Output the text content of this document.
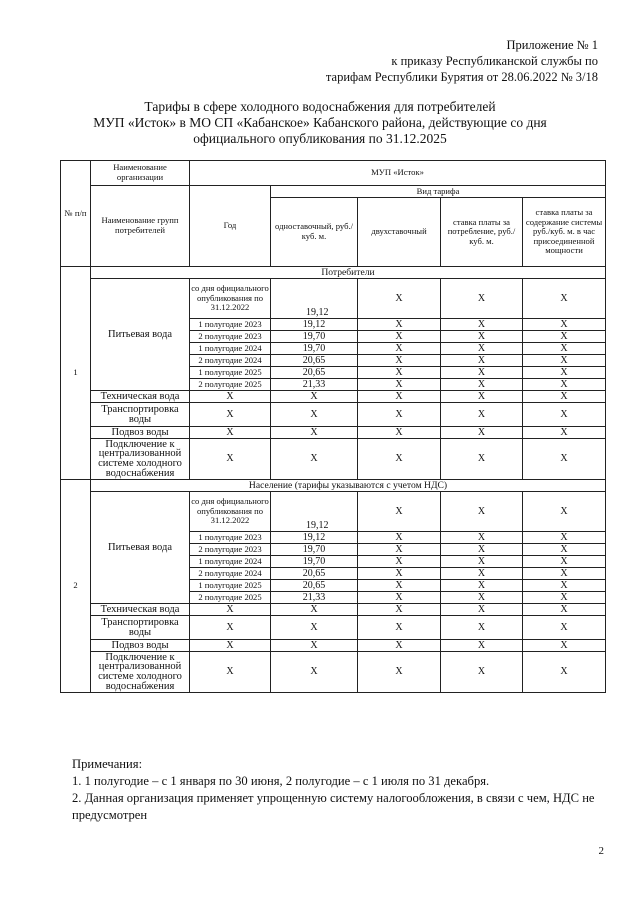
Приложение № 1
к приказу Республиканской службы по
тарифам Республики Бурятия от 28.06.2022 № 3/18
Тарифы в сфере холодного водоснабжения для потребителей
МУП «Исток» в МО СП «Кабанское» Кабанского района, действующие со дня
официального опубликования по 31.12.2025
№ п/п	Наименование организации	МУП «Исток»				
	Наименование групп потребителей	Год	Вид тарифа			
			одноставочный, руб./ куб. м.	двухставочный	ставка платы за потребление, руб./ куб. м.	ставка платы за содержание системы руб./куб. м. в час присоединенной мощности
1	Потребители					
	Питьевая вода	со дня официального опубликования по 31.12.2022	19,12	X	X	X
		1 полугодие 2023	19,12	X	X	X
		2 полугодие 2023	19,70	X	X	X
		1 полугодие 2024	19,70	X	X	X
		2 полугодие 2024	20,65	X	X	X
		1 полугодие 2025	20,65	X	X	X
		2 полугодие 2025	21,33	X	X	X
	Техническая вода	X	X	X	X	X
	Транспортировка воды	X	X	X	X	X
	Подвоз воды	X	X	X	X	X
	Подключение к централизованной системе холодного водоснабжения	X	X	X	X	X
2	Население (тарифы указываются с учетом НДС)					
	Питьевая вода	со дня официального опубликования по 31.12.2022	19,12	X	X	X
		1 полугодие 2023	19,12	X	X	X
		2 полугодие 2023	19,70	X	X	X
		1 полугодие 2024	19,70	X	X	X
		2 полугодие 2024	20,65	X	X	X
		1 полугодие 2025	20,65	X	X	X
		2 полугодие 2025	21,33	X	X	X
	Техническая вода	X	X	X	X	X
	Транспортировка воды	X	X	X	X	X
	Подвоз воды	X	X	X	X	X
	Подключение к централизованной системе холодного водоснабжения	X	X	X	X	X

Примечания:

1. 1 полугодие – с 1 января по 30 июня, 2 полугодие – с 1 июля по 31 декабря.

2. Данная организация применяет упрощенную систему налогообложения, в связи с чем, НДС не предусмотрен

2
